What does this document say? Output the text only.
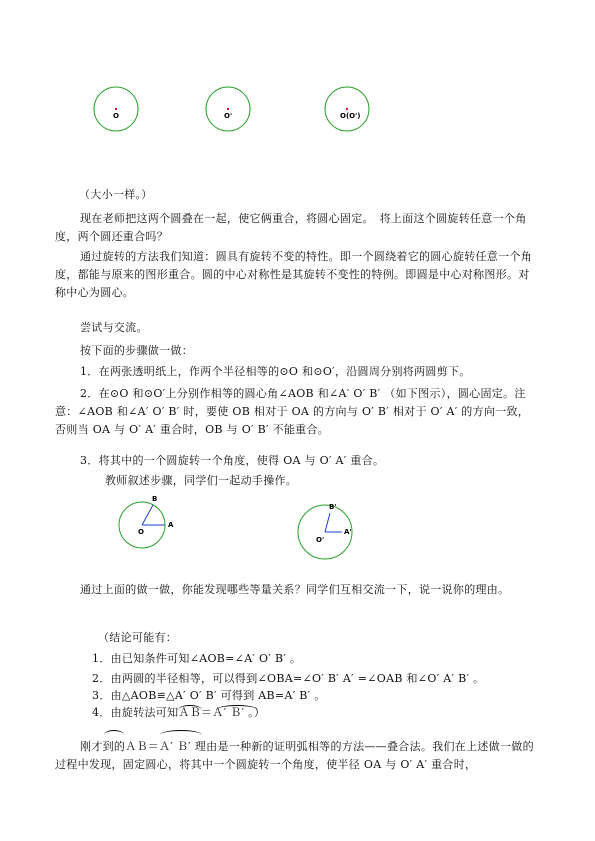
O	O'	O(O')

（大小一样。）

现在老师把这两个圆叠在一起，使它俩重合，将圆心固定。　将上面这个圆旋转任意一个角度，两个圆还重合吗？

通过旋转的方法我们知道：圆具有旋转不变的特性。即一个圆绕着它的圆心旋转任意一个角度，都能与原来的图形重合。圆的中心对称性是其旋转不变性的特例。即圆是中心对称图形。对称中心为圆心。

尝试与交流。

按下面的步骤做一做：

1．在两张透明纸上，作两个半径相等的⊙O 和⊙O′，沿圆周分别将两圆剪下。

2．在⊙O 和⊙O′上分别作相等的圆心角∠AOB 和∠A′ O′ B′ （如下图示），圆心固定。注意：∠AOB 和∠A′ O′ B′ 时，要使 OB 相对于 OA 的方向与 O′ B′ 相对于 O′ A′ 的方向一致，否则当 OA 与 O′ A′ 重合时，OB 与 O′ B′ 不能重合。

3．将其中的一个圆旋转一个角度，使得 OA 与 O′ A′ 重合。

教师叙述步骤，同学们一起动手操作。

B
A
O
B'
A'
O'

通过上面的做一做，你能发现哪些等量关系？同学们互相交流一下，说一说你的理由。

（结论可能有：

1．由已知条件可知∠AOB=∠A′ O′ B′ 。
2．由两圆的半径相等，可以得到∠OBA=∠O′ B′ A′ =∠OAB 和∠O′ A′ B′ 。
3．由△AOB≌△A′ O′ B′ 可得到 AB=A′ B′ 。
4．由旋转法可知ＡＢ＝Ａ′ Ｂ′ 。）

刚才到的ＡＢ＝Ａ′ Ｂ′ 理由是一种新的证明弧相等的方法——叠合法。我们在上述做一做的过程中发现，固定圆心，将其中一个圆旋转一个角度，使半径 OA 与 O′ A′ 重合时，
